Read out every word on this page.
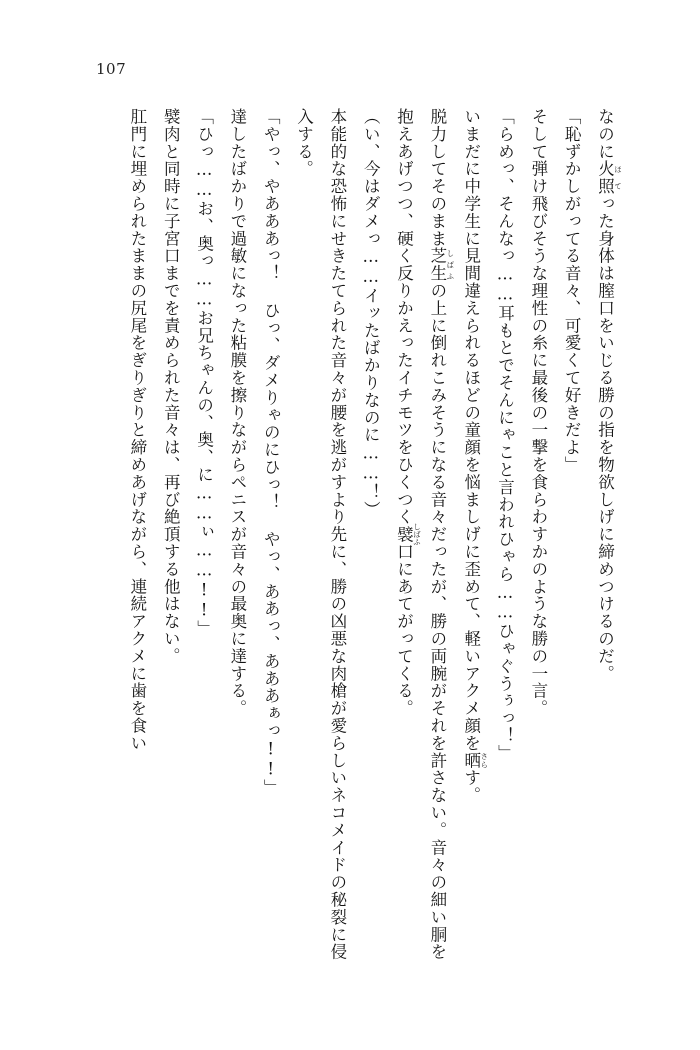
107

なのに火照 ほてった身体は膣口をいじる勝の指を物欲しげに締めつけるのだ。

「恥ずかしがってる音々、可愛くて好きだよ」

そして弾け飛びそうな理性の糸に最後の一撃を食らわすかのような勝の一言。

「らめっ、そんなっ……耳もとでそんにゃこと言われひゃら……ひゃぐうぅっ！」

いまだに中学生に見間違えられるほどの童顔を悩ましげに歪めて、軽いアクメ顔を晒 さらす。

脱力してそのまま芝生 しばふの上に倒れこみそうになる音々だったが、勝の両腕がそれを許さない。音々の細い胴を抱えあげつつ、硬く反りかえったイチモツをひくつく襞 しばふ口にあてがってくる。

（い、今はダメっ……イッたばかりなのに……！）

本能的な恐怖にせきたてられた音々が腰を逃がすより先に、勝の凶悪な肉槍が愛らしいネコメイドの秘裂に侵入する。

「やっ、やあああっ！ ひっ、ダメりゃのにひっ！ やっ、ああっ、あああぁっ!!」

達したばかりで過敏になった粘膜を擦りながらペニスが音々の最奥に達する。

「ひっ……お、奥っ……お兄ちゃんの、奥、に……ぃ……!!」

襞肉と同時に子宮口までを責められた音々は、再び絶頂する他はない。

肛門に埋められたままの尻尾をぎりぎりと締めあげながら、連続アクメに歯を食い
